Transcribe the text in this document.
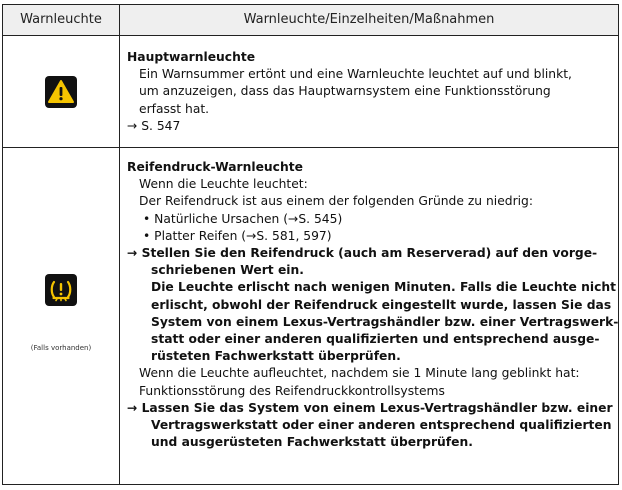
Warnleuchte	Warnleuchte/Einzelheiten/Maßnahmen
Hauptwarnleuchte
Ein Warnsummer ertönt und eine Warnleuchte leuchtet auf und blinkt,
um anzuzeigen, dass das Hauptwarnsystem eine Funktionsstörung
erfasst hat.
→ S. 547
(Falls vorhanden)
Reifendruck-Warnleuchte
Wenn die Leuchte leuchtet:
Der Reifendruck ist aus einem der folgenden Gründe zu niedrig:
• Natürliche Ursachen (→S. 545)
• Platter Reifen (→S. 581, 597)
→ Stellen Sie den Reifendruck (auch am Reserverad) auf den vorge-
schriebenen Wert ein.
Die Leuchte erlischt nach wenigen Minuten. Falls die Leuchte nicht
erlischt, obwohl der Reifendruck eingestellt wurde, lassen Sie das
System von einem Lexus-Vertragshändler bzw. einer Vertragswerk-
statt oder einer anderen qualifizierten und entsprechend ausge-
rüsteten Fachwerkstatt überprüfen.
Wenn die Leuchte aufleuchtet, nachdem sie 1 Minute lang geblinkt hat:
Funktionsstörung des Reifendruckkontrollsystems
→ Lassen Sie das System von einem Lexus-Vertragshändler bzw. einer
Vertragswerkstatt oder einer anderen entsprechend qualifizierten
und ausgerüsteten Fachwerkstatt überprüfen.
